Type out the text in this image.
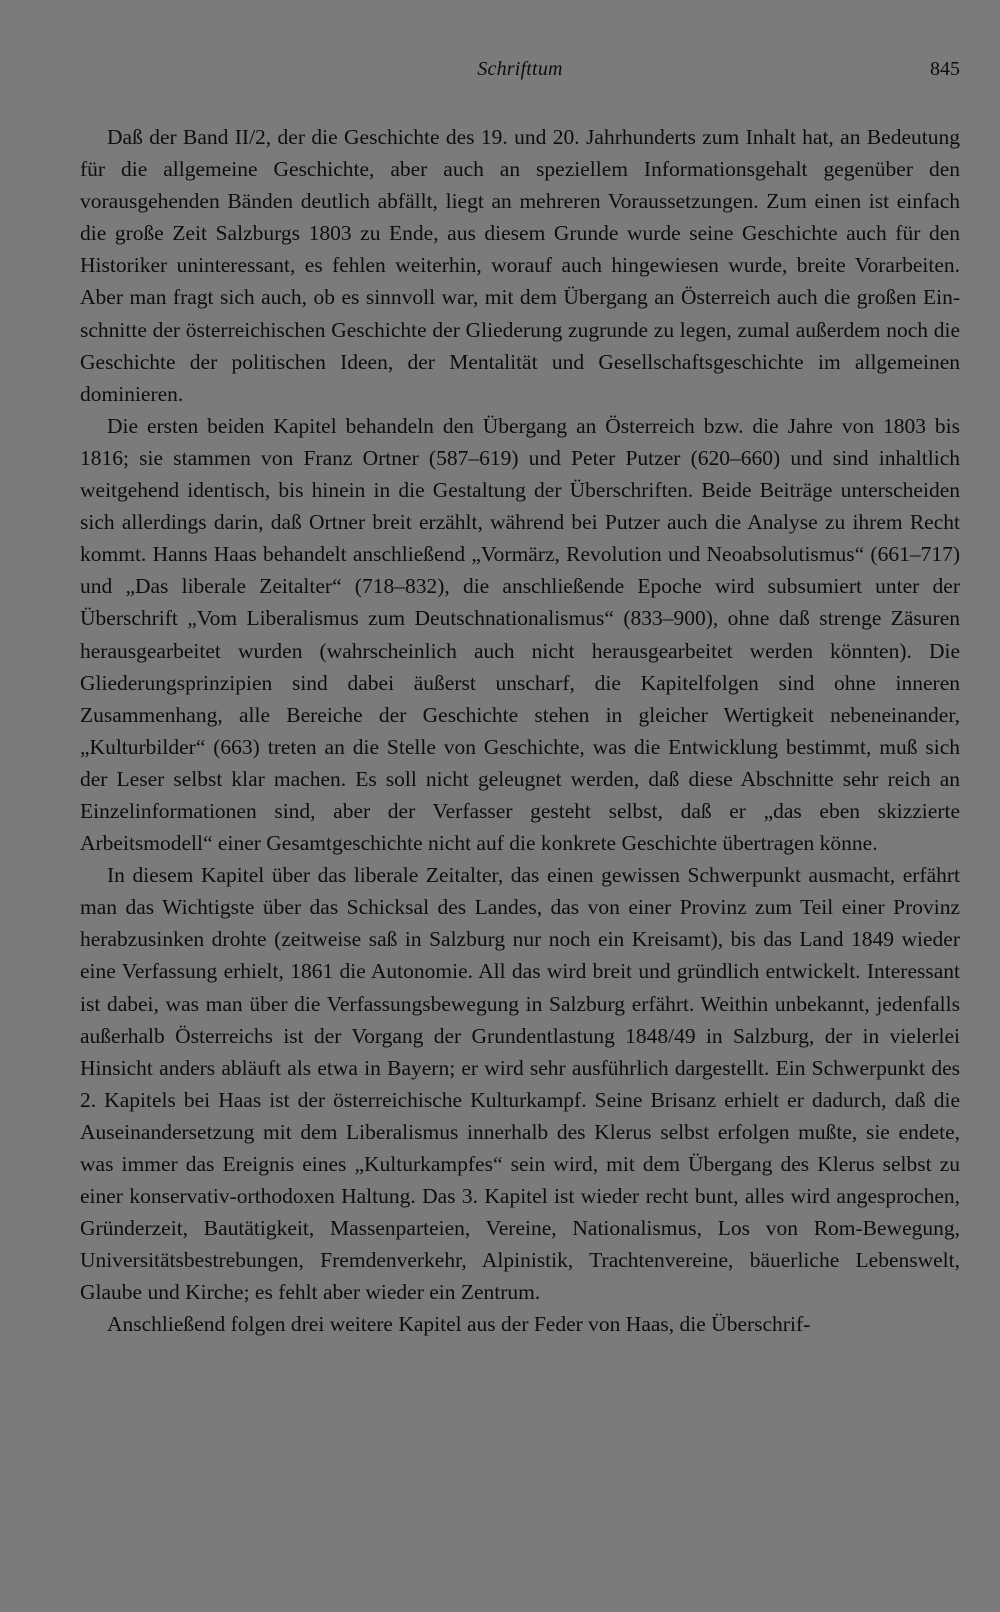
Schrifttum	845

Daß der Band II/2, der die Geschichte des 19. und 20. Jahrhunderts zum Inhalt hat, an Bedeutung für die allgemeine Geschichte, aber auch an speziellem Informationsgehalt gegenüber den vorausgehenden Bänden deutlich abfällt, liegt an mehreren Voraussetzungen. Zum einen ist einfach die große Zeit Salzburgs 1803 zu Ende, aus diesem Grunde wurde seine Geschichte auch für den Historiker uninteressant, es fehlen weiterhin, worauf auch hingewiesen wurde, breite Vorarbeiten. Aber man fragt sich auch, ob es sinnvoll war, mit dem Übergang an Österreich auch die großen Einschnitte der österreichischen Geschichte der Gliederung zugrunde zu legen, zumal außerdem noch die Geschichte der politischen Ideen, der Mentalität und Gesellschaftsgeschichte im allgemeinen dominieren.

Die ersten beiden Kapitel behandeln den Übergang an Österreich bzw. die Jahre von 1803 bis 1816; sie stammen von Franz Ortner (587–619) und Peter Putzer (620–660) und sind inhaltlich weitgehend identisch, bis hinein in die Gestaltung der Überschriften. Beide Beiträge unterscheiden sich allerdings darin, daß Ortner breit erzählt, während bei Putzer auch die Analyse zu ihrem Recht kommt. Hanns Haas behandelt anschließend „Vormärz, Revolution und Neoabsolutismus“ (661–717) und „Das liberale Zeitalter“ (718–832), die anschließende Epoche wird subsumiert unter der Überschrift „Vom Liberalismus zum Deutschnationalismus“ (833–900), ohne daß strenge Zäsuren herausgearbeitet wurden (wahrscheinlich auch nicht herausgearbeitet werden könnten). Die Gliederungsprinzipien sind dabei äußerst unscharf, die Kapitelfolgen sind ohne inneren Zusammenhang, alle Bereiche der Geschichte stehen in gleicher Wertigkeit nebeneinander, „Kulturbilder“ (663) treten an die Stelle von Geschichte, was die Entwicklung bestimmt, muß sich der Leser selbst klar machen. Es soll nicht geleugnet werden, daß diese Abschnitte sehr reich an Einzelinformationen sind, aber der Verfasser gesteht selbst, daß er „das eben skizzierte Arbeitsmodell“ einer Gesamtgeschichte nicht auf die konkrete Geschichte übertragen könne.

In diesem Kapitel über das liberale Zeitalter, das einen gewissen Schwerpunkt ausmacht, erfährt man das Wichtigste über das Schicksal des Landes, das von einer Provinz zum Teil einer Provinz herabzusinken drohte (zeitweise saß in Salzburg nur noch ein Kreisamt), bis das Land 1849 wieder eine Verfassung erhielt, 1861 die Autonomie. All das wird breit und gründlich entwickelt. Interessant ist dabei, was man über die Verfassungsbewegung in Salzburg erfährt. Weithin unbekannt, jedenfalls außerhalb Österreichs ist der Vorgang der Grundentlastung 1848/49 in Salzburg, der in vielerlei Hinsicht anders abläuft als etwa in Bayern; er wird sehr ausführlich dargestellt. Ein Schwerpunkt des 2. Kapitels bei Haas ist der österreichische Kulturkampf. Seine Brisanz erhielt er dadurch, daß die Auseinandersetzung mit dem Liberalismus innerhalb des Klerus selbst erfolgen mußte, sie endete, was immer das Ereignis eines „Kulturkampfes“ sein wird, mit dem Übergang des Klerus selbst zu einer konservativ-orthodoxen Haltung. Das 3. Kapitel ist wieder recht bunt, alles wird angesprochen, Gründerzeit, Bautätigkeit, Massenparteien, Vereine, Nationalismus, Los von Rom-Bewegung, Universitätsbestrebungen, Fremdenverkehr, Alpinistik, Trachtenvereine, bäuerliche Lebenswelt, Glaube und Kirche; es fehlt aber wieder ein Zentrum.

Anschließend folgen drei weitere Kapitel aus der Feder von Haas, die Überschrif-
